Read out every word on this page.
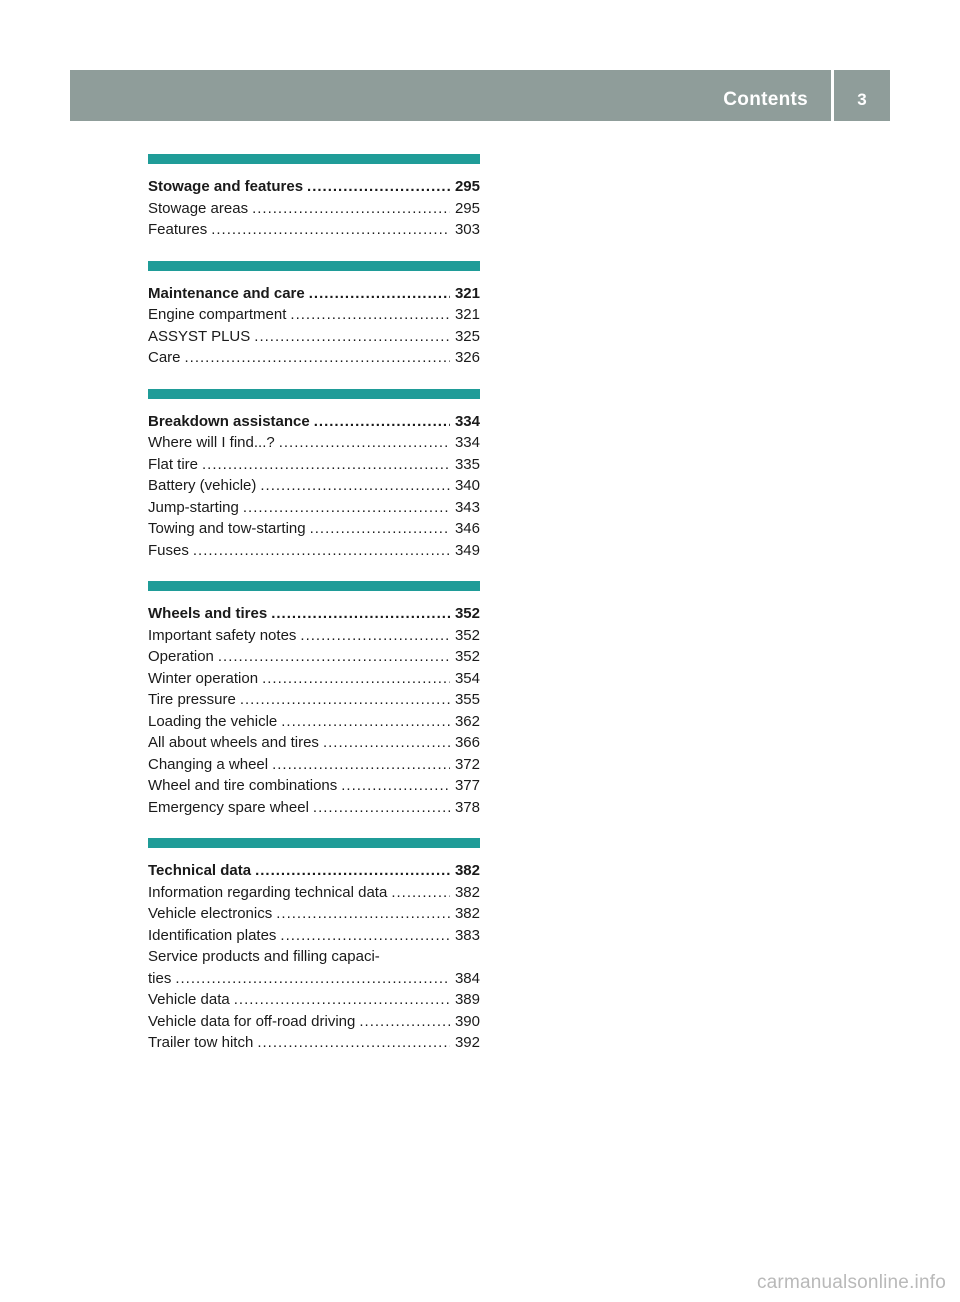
Contents	3
Stowage and features .....	295
Stowage areas .....	295
Features .....	303
Maintenance and care .....	321
Engine compartment .....	321
ASSYST PLUS .....	325
Care .....	326
Breakdown assistance .....	334
Where will I find...? .....	334
Flat tire .....	335
Battery (vehicle) .....	340
Jump-starting .....	343
Towing and tow-starting .....	346
Fuses .....	349
Wheels and tires .....	352
Important safety notes .....	352
Operation .....	352
Winter operation .....	354
Tire pressure .....	355
Loading the vehicle .....	362
All about wheels and tires .....	366
Changing a wheel .....	372
Wheel and tire combinations .....	377
Emergency spare wheel .....	378
Technical data .....	382
Information regarding technical data .....	382
Vehicle electronics .....	382
Identification plates .....	383
Service products and filling capaci-
ties .....	384
Vehicle data .....	389
Vehicle data for off-road driving .....	390
Trailer tow hitch .....	392
carmanualsonline.info
